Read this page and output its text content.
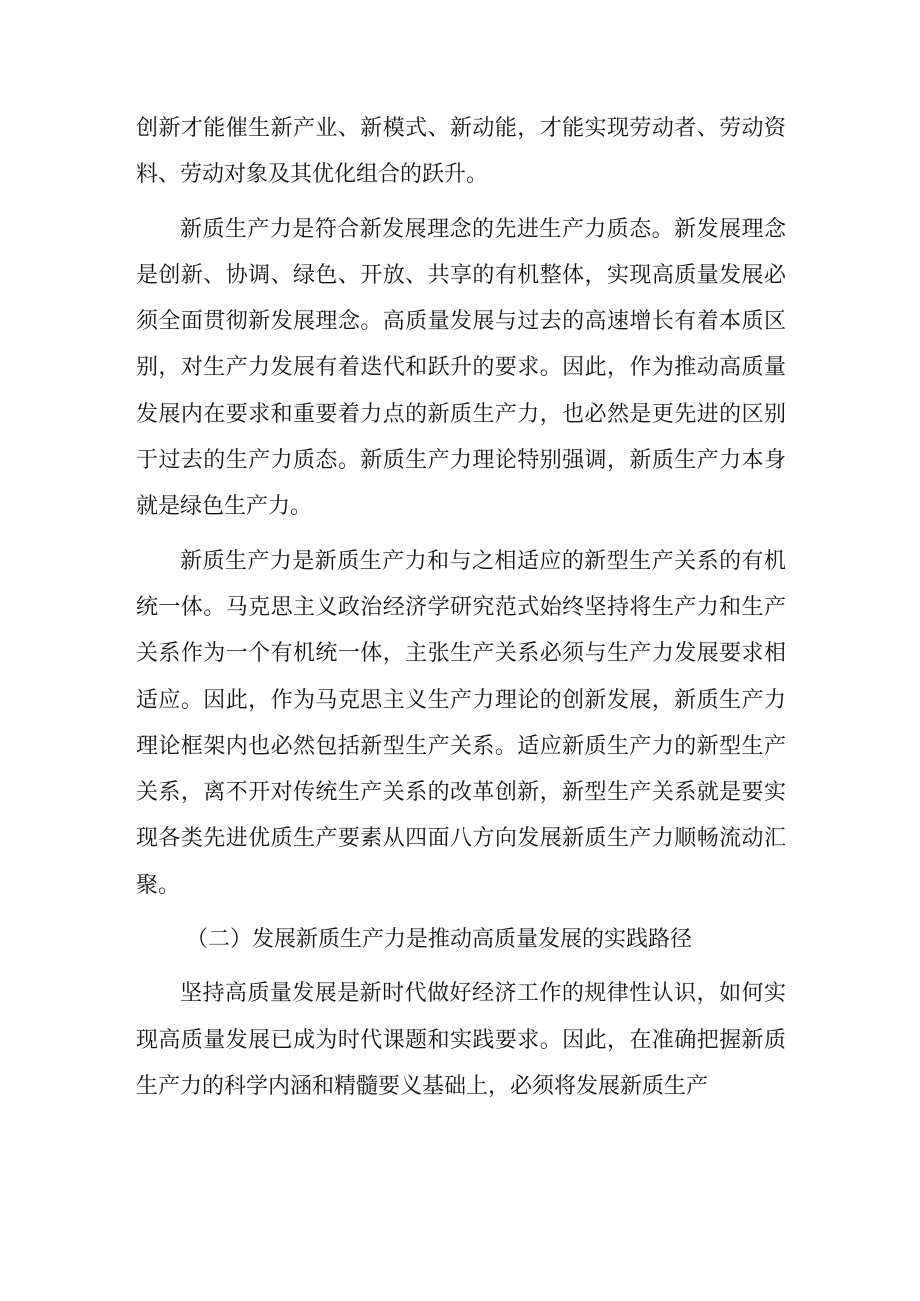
创新才能催生新产业、新模式、新动能，才能实现劳动者、劳动资料、劳动对象及其优化组合的跃升。

新质生产力是符合新发展理念的先进生产力质态。新发展理念是创新、协调、绿色、开放、共享的有机整体，实现高质量发展必须全面贯彻新发展理念。高质量发展与过去的高速增长有着本质区别，对生产力发展有着迭代和跃升的要求。因此，作为推动高质量发展内在要求和重要着力点的新质生产力，也必然是更先进的区别于过去的生产力质态。新质生产力理论特别强调，新质生产力本身就是绿色生产力。

新质生产力是新质生产力和与之相适应的新型生产关系的有机统一体。马克思主义政治经济学研究范式始终坚持将生产力和生产关系作为一个有机统一体，主张生产关系必须与生产力发展要求相适应。因此，作为马克思主义生产力理论的创新发展，新质生产力理论框架内也必然包括新型生产关系。适应新质生产力的新型生产关系，离不开对传统生产关系的改革创新，新型生产关系就是要实现各类先进优质生产要素从四面八方向发展新质生产力顺畅流动汇聚。

（二）发展新质生产力是推动高质量发展的实践路径

坚持高质量发展是新时代做好经济工作的规律性认识，如何实现高质量发展已成为时代课题和实践要求。因此，在准确把握新质生产力的科学内涵和精髓要义基础上，必须将发展新质生产
